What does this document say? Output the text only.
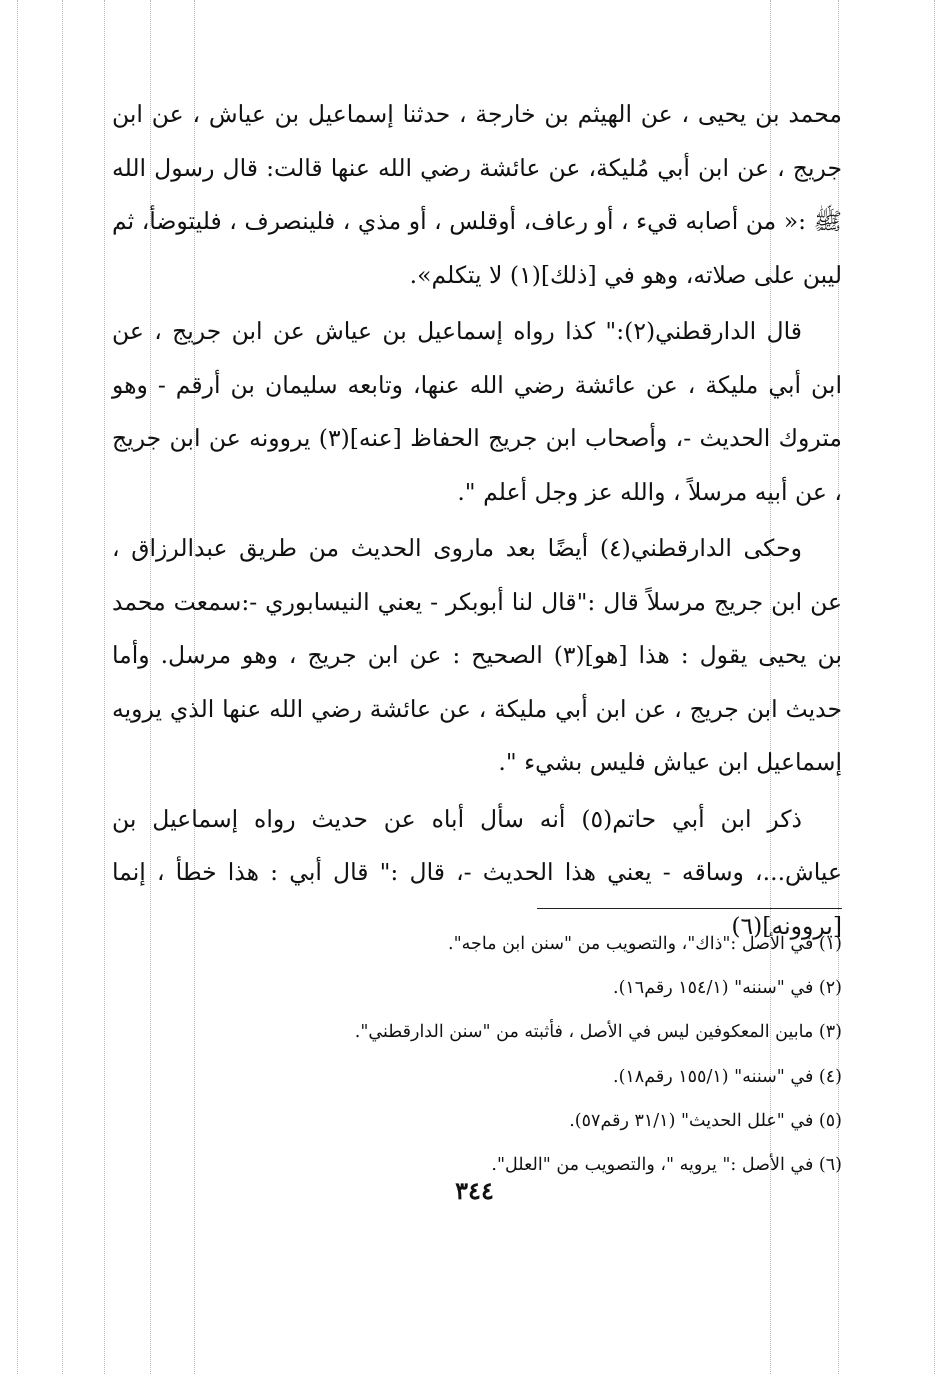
محمد بن يحيى ، عن الهيثم بن خارجة ، حدثنا إسماعيل بن عياش ، عن ابن جريج ، عن ابن أبي مُليكة، عن عائشة رضي الله عنها قالت: قال رسول الله ﷺ :« من أصابه قيء ، أو رعاف، أوقلس ، أو مذي ، فلينصرف ، فليتوضأ، ثم ليبن على صلاته، وهو في [ذلك](١) لا يتكلم».

قال الدارقطني(٢):" كذا رواه إسماعيل بن عياش عن ابن جريج ، عن ابن أبي مليكة ، عن عائشة رضي الله عنها، وتابعه سليمان بن أرقم - وهو متروك الحديث -، وأصحاب ابن جريج الحفاظ [عنه](٣) يروونه عن ابن جريج ، عن أبيه مرسلاً ، والله عز وجل أعلم ".

وحكى الدارقطني(٤) أيضًا بعد ماروى الحديث من طريق عبدالرزاق ، عن ابن جريج مرسلاً قال :"قال لنا أبوبكر - يعني النيسابوري -:سمعت محمد بن يحيى يقول : هذا [هو](٣) الصحيح : عن ابن جريج ، وهو مرسل. وأما حديث ابن جريج ، عن ابن أبي مليكة ، عن عائشة رضي الله عنها الذي يرويه إسماعيل ابن عياش فليس بشيء ".

ذكر ابن أبي حاتم(٥) أنه سأل أباه عن حديث رواه إسماعيل بن عياش...، وساقه - يعني هذا الحديث -، قال :" قال أبي : هذا خطأ ، إنما [يروونه](٦)

(١) في الأصل :"ذاك"، والتصويب من "سنن ابن ماجه".

(٢) في "سننه" (١٥٤/١ رقم١٦).

(٣) مابين المعكوفين ليس في الأصل ، فأثبته من "سنن الدارقطني".

(٤) في "سننه" (١٥٥/١ رقم١٨).

(٥) في "علل الحديث" (٣١/١ رقم٥٧).

(٦) في الأصل :" يرويه "، والتصويب من "العلل".

٣٤٤
